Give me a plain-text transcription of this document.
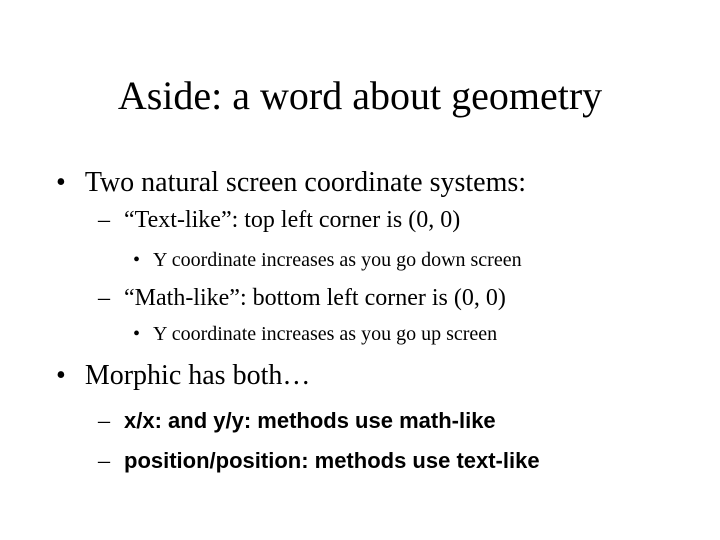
Aside: a word about geometry
• Two natural screen coordinate systems:
– “Text-like”: top left corner is (0, 0)
• Y coordinate increases as you go down screen
– “Math-like”: bottom left corner is (0, 0)
• Y coordinate increases as you go up screen
• Morphic has both…
– x/x: and y/y: methods use math-like
– position/position: methods use text-like
